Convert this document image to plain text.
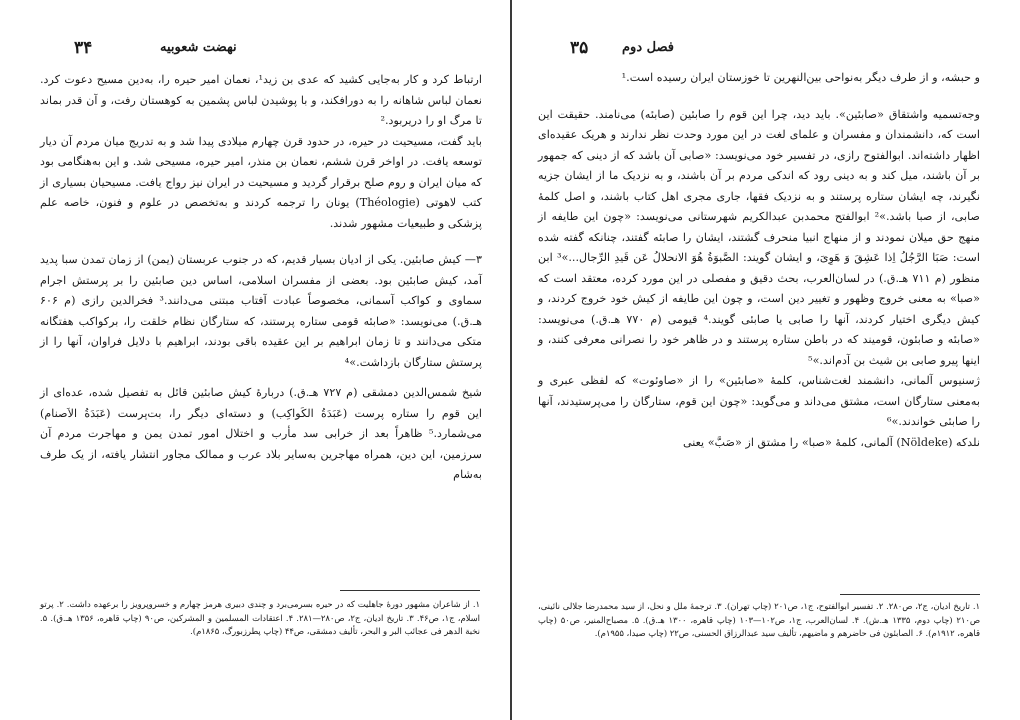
۳۴	نهضت شعوبیه

ارتباط کرد و کار به‌جایی کشید که عدی بن زید¹، نعمان امیر حیره را، به‌دین مسیح دعوت کرد. نعمان لباس شاهانه را به دورافکند، و با پوشیدن لباس پشمین به کوهستان رفت، و آن قدر بماند تا مرگ او را دریربود.²

باید گفت، مسیحیت در حیره، در حدود قرن چهارم میلادی پیدا شد و به تدریج میان مردم آن دیار توسعه یافت. در اواخر قرن ششم، نعمان بن منذر، امیر حیره، مسیحی شد. و این به‌هنگامی بود که میان ایران و روم صلح برقرار گردید و مسیحیت در ایران نیز رواج یافت. مسیحیان بسیاری از کتب لاهوتی (Théologie) یونان را ترجمه کردند و به‌تخصص در علوم و فنون، خاصه علم پزشکی و طبیعیات مشهور شدند.

۳— کیش صابئین. یکی از ادیان بسیار قدیم، که در جنوب عربستان (یمن) از زمان تمدن سبا پدید آمد، کیش صابئین بود. بعضی از مفسران اسلامی، اساس دین صابئین را بر پرستش اجرام سماوی و کواکب آسمانی، مخصوصاً عبادت آفتاب مبتنی می‌دانند.³ فخرالدین رازی (م ۶۰۶ هـ.ق.) می‌نویسد: «صابئه قومی ستاره پرستند، که ستارگان نظام خلقت را، برکواکب هفتگانه متکی می‌دانند و تا زمان ابراهیم بر این عقیده باقی بودند، ابراهیم با دلایل فراوان، آنها را از پرستش ستارگان بازداشت.»⁴

شیخ شمس‌الدین دمشقی (م ۷۲۷ هـ.ق.) دربارهٔ کیش صابئین قائل به تفصیل شده، عده‌ای از این قوم را ستاره پرست (عَبَدَةُ الکَواکِب) و دسته‌ای دیگر را، بت‌پرست (عَبَدَةُ الاَصنام) می‌شمارد.⁵ ظاهراً بعد از خرابی سد مأرب و اختلال امور تمدن یمن و مهاجرت مردم آن سرزمین، این دین، همراه مهاجرین به‌سایر بلاد عرب و ممالک مجاور انتشار یافته، از یک طرف به‌شام

۱. از شاعران مشهور دورهٔ جاهلیت که در حیره بسرمی‌برد و چندی دبیری هرمز چهارم و خسروپرویز را برعهده داشت. ۲. پرتو اسلام، ج۱، ص۴۶. ۳. تاریخ ادیان، ج۲، ص۲۸۰—۲۸۱. ۴. اعتقادات المسلمین و المشرکین، ص۹۰ (چاپ قاهره، ۱۳۵۶ هـ.ق). ۵. نخبة الدهر فی عجائب البر و البحر، تألیف دمشقی، ص۴۴ (چاپ پطرزبورگ، ۱۸۶۵م).

۳۵	فصل دوم

و حبشه، و از طرف دیگر به‌نواحی بین‌النهرین تا خوزستان ایران رسیده است.¹

وجه‌تسمیه واشتقاق «صابئین». باید دید، چرا این قوم را صابئین (صابئه) می‌نامند. حقیقت این است که، دانشمندان و مفسران و علمای لغت در این مورد وحدت نظر ندارند و هریک عقیده‌ای اظهار داشته‌اند. ابوالفتوح رازی، در تفسیر خود می‌نویسد: «صابی آن باشد که از دینی که جمهور بر آن باشند، میل کند و به دینی رود که اندکی مردم بر آن باشند، و به نزدیک ما از ایشان جزیه نگیرند، چه ایشان ستاره پرستند و به نزدیک فقها، جاری مجری اهل کتاب باشند، و اصل کلمهٔ صابی، از صبا باشد.»² ابوالفتح محمدبن عبدالکریم شهرستانی می‌نویسد: «چون این طایفه از منهج حق میلان نمودند و از منهاج انبیا منحرف گشتند، ایشان را صابئه گفتند، چنانکه گفته شده است: صَبَا الرَّجُلُ اِذا عَشِقَ وَ هَوِیَ، و ایشان گویند: الصَّبوَةُ هُوَ الانحلالُ عَن قَیدِ الرِّجال...»³ ابن منظور (م ۷۱۱ هـ.ق.) در لسان‌العرب، بحث دقیق و مفصلی در این مورد کرده، معتقد است که «صبا» به معنی خروج وظهور و تغییر دین است، و چون این طایفه از کیش خود خروج کردند، و کیش دیگری اختیار کردند، آنها را صابی یا صابئی گویند.⁴ قیومی (م ۷۷۰ هـ.ق.) می‌نویسد: «صابئه و صابئون، قومیند که در باطن ستاره پرستند و در ظاهر خود را نصرانی معرفی کنند، و اینها پیرو صابی بن شیث بن آدم‌اند.»⁵

ژسنیوس آلمانی، دانشمند لغت‌شناس، کلمهٔ «صابئین» را از «صاوئوت» که لفظی عبری و به‌معنی ستارگان است، مشتق می‌داند و می‌گوید: «چون این قوم، ستارگان را می‌پرستیدند، آنها را صابئی خواندند.»⁶

نلدکه (Nöldeke) آلمانی، کلمهٔ «صبا» را مشتق از «صَبَّ» یعنی

۱. تاریخ ادیان، ج۲، ص۲۸۰. ۲. تفسیر ابوالفتوح، ج۱، ص۲۰۱ (چاپ تهران). ۳. ترجمهٔ ملل و نحل، از سید محمدرضا جلالی نائینی، ص۲۱۰ (چاپ دوم، ۱۳۳۵ هـ.ش). ۴. لسان‌العرب، ج۱، ص۱۰۲—۱۰۳ (چاپ قاهره، ۱۳۰۰ هـ.ق). ۵. مصباح‌المنیر، ص۵۰ (چاپ قاهره، ۱۹۱۲م). ۶. الصابئون فی حاضرهم و ماضیهم، تألیف سید عبدالرزاق الحسنی، ص۲۲ (چاپ صیدا، ۱۹۵۵م).
